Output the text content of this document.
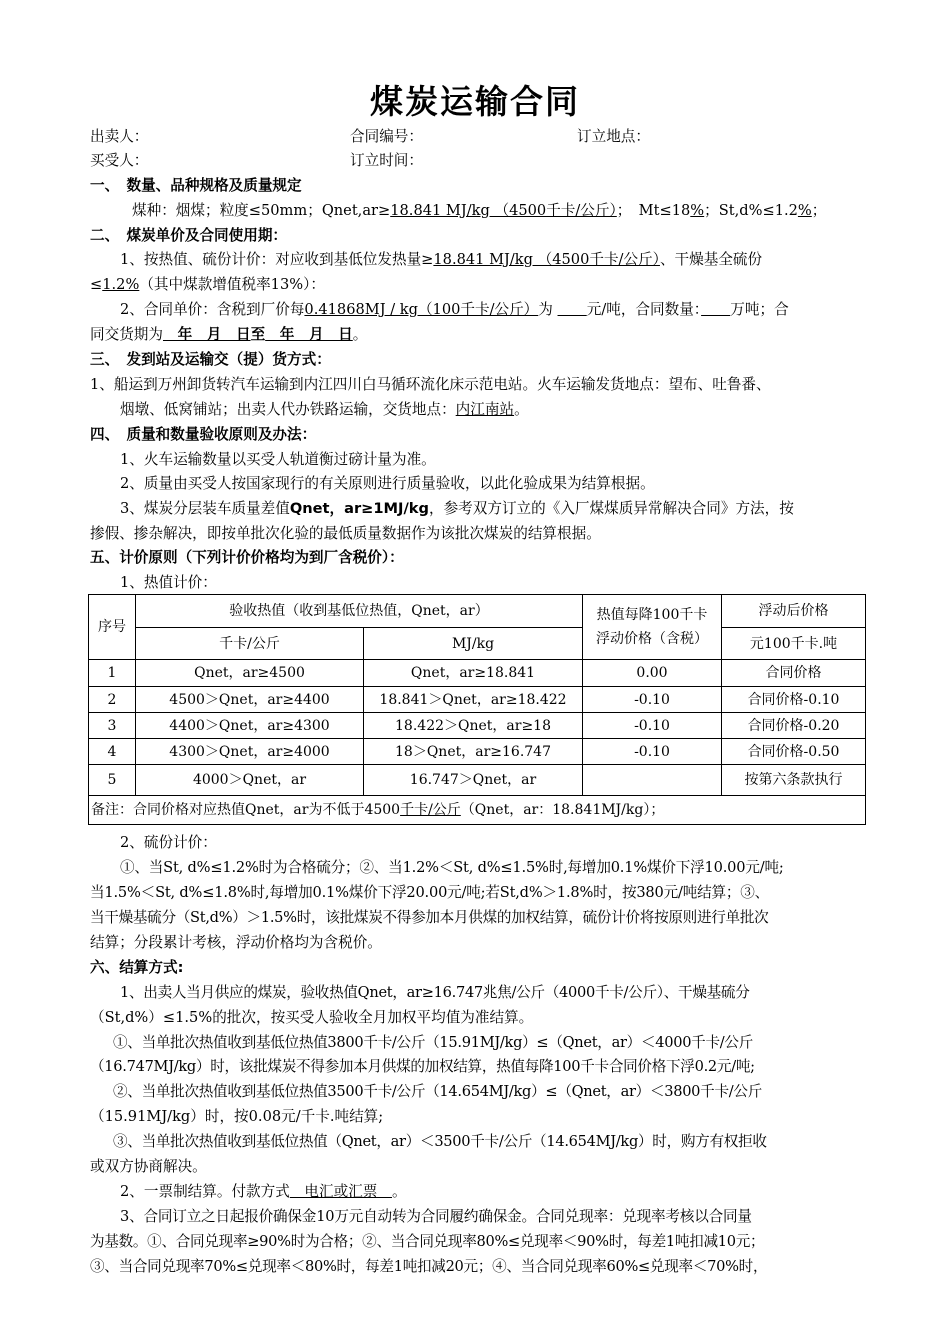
煤炭运输合同
出卖人：	合同编号：	订立地点：
买受人：	订立时间：
一、　数量、品种规格及质量规定
煤种：烟煤；粒度≤50mm；Qnet,ar≥18.841 MJ/kg （4500千卡/公斤）；　Mt≤18%；St,d%≤1.2%；
二、　煤炭单价及合同使用期：
1、按热值、硫份计价：对应收到基低位发热量≥18.841 MJ/kg （4500千卡/公斤）、干燥基全硫份
≤1.2%（其中煤款增值税率13%）：
2、合同单价：含税到厂价每0.41868MJ / kg（100千卡/公斤）为 　　元/吨，合同数量：　　 万吨；合
同交货期为　年　月　日至　年　月　日。
三、　发到站及运输交（提）货方式：
1、船运到万州卸货转汽车运输到内江四川白马循环流化床示范电站。火车运输发货地点：望布、吐鲁番、
烟墩、低窝铺站；出卖人代办铁路运输，交货地点：内江南站。
四、　质量和数量验收原则及办法：
1、火车运输数量以买受人轨道衡过磅计量为准。
2、质量由买受人按国家现行的有关原则进行质量验收，以此化验成果为结算根据。
3、煤炭分层装车质量差值Qnet，ar≥1MJ/kg，参考双方订立的《入厂煤煤质异常解决合同》方法，按
掺假、掺杂解决，即按单批次化验的最低质量数据作为该批次煤炭的结算根据。
五、计价原则（下列计价价格均为到厂含税价）：
1、热值计价：
序号	验收热值（收到基低位热值，Qnet，ar）		热值每降100千卡
浮动价格（含税）	浮动后价格
	千卡/公斤	MJ/kg		元100千卡.吨
1	Qnet，ar≥4500	Qnet，ar≥18.841	0.00	合同价格
2	4500＞Qnet，ar≥4400	18.841＞Qnet，ar≥18.422	-0.10	合同价格-0.10
3	4400＞Qnet，ar≥4300	18.422＞Qnet，ar≥18	-0.10	合同价格-0.20
4	4300＞Qnet，ar≥4000	18＞Qnet，ar≥16.747	-0.10	合同价格-0.50
5	4000＞Qnet，ar	16.747＞Qnet，ar		按第六条款执行
备注：合同价格对应热值Qnet，ar为不低于4500千卡/公斤（Qnet，ar：18.841MJ/kg）；				
2、硫份计价：
①、当St, d%≤1.2%时为合格硫分；②、当1.2%＜St, d%≤1.5%时,每增加0.1%煤价下浮10.00元/吨;
当1.5%＜St, d%≤1.8%时,每增加0.1%煤价下浮20.00元/吨;若St,d%＞1.8%时，按380元/吨结算；③、
当干燥基硫分（St,d%）＞1.5%时，该批煤炭不得参加本月供煤的加权结算，硫份计价将按原则进行单批次
结算；分段累计考核，浮动价格均为含税价。
六、结算方式:
1、出卖人当月供应的煤炭，验收热值Qnet，ar≥16.747兆焦/公斤（4000千卡/公斤）、干燥基硫分
（St,d%）≤1.5%的批次，按买受人验收全月加权平均值为准结算。
①、当单批次热值收到基低位热值3800千卡/公斤（15.91MJ/kg）≤（Qnet，ar）＜4000千卡/公斤
（16.747MJ/kg）时，该批煤炭不得参加本月供煤的加权结算，热值每降100千卡合同价格下浮0.2元/吨;
②、当单批次热值收到基低位热值3500千卡/公斤（14.654MJ/kg）≤（Qnet，ar）＜3800千卡/公斤
（15.91MJ/kg）时，按0.08元/千卡.吨结算;
③、当单批次热值收到基低位热值（Qnet，ar）＜3500千卡/公斤（14.654MJ/kg）时，购方有权拒收
或双方协商解决。
2、一票制结算。付款方式　电汇或汇票　。
3、合同订立之日起报价确保金10万元自动转为合同履约确保金。合同兑现率：兑现率考核以合同量
为基数。①、合同兑现率≥90%时为合格；②、当合同兑现率80%≤兑现率＜90%时，每差1吨扣减10元；
③、当合同兑现率70%≤兑现率＜80%时，每差1吨扣减20元；④、当合同兑现率60%≤兑现率＜70%时，
